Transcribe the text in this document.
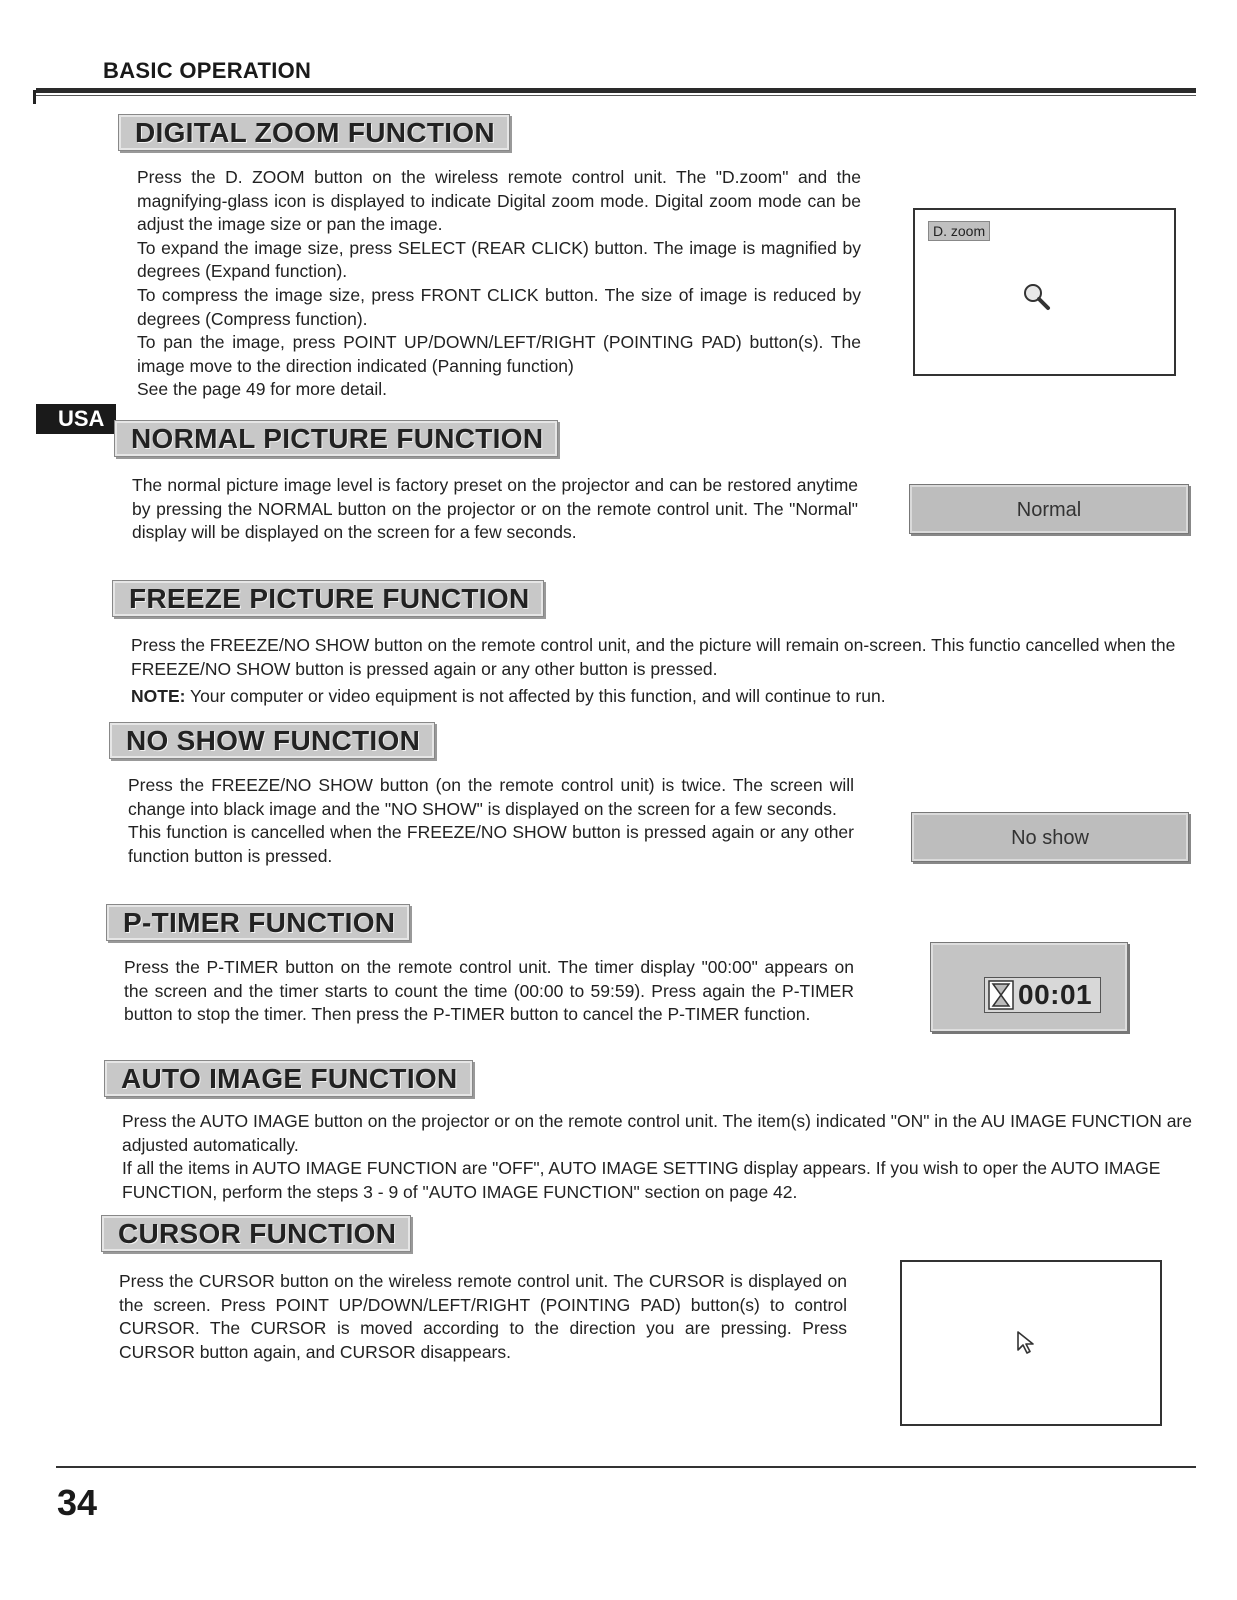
BASIC OPERATION
DIGITAL ZOOM FUNCTION

Press the D. ZOOM button on the wireless remote control unit. The "D.zoom" and the magnifying-glass icon is displayed to indicate Digital zoom mode. Digital zoom mode can be adjust the image size or pan the image.

To expand the image size, press SELECT (REAR CLICK) button. The image is magnified by degrees (Expand function).

To compress the image size, press FRONT CLICK button. The size of image is reduced by degrees (Compress function).

To pan the image, press POINT UP/DOWN/LEFT/RIGHT (POINTING PAD) button(s). The image move to the direction indicated (Panning function)

See the page 49 for more detail.

D. zoom
USA
NORMAL PICTURE FUNCTION
The normal picture image level is factory preset on the projector and can be restored anytime by pressing the NORMAL button on the projector or on the remote control unit. The "Normal" display will be displayed on the screen for a few seconds.
Normal
FREEZE PICTURE FUNCTION
Press the FREEZE/NO SHOW button on the remote control unit, and the picture will remain on-screen. This functio cancelled when the FREEZE/NO SHOW button is pressed again or any other button is pressed.
NOTE: Your computer or video equipment is not affected by this function, and will continue to run.
NO SHOW FUNCTION

Press the FREEZE/NO SHOW button (on the remote control unit) is twice. The screen will change into black image and the "NO SHOW" is displayed on the screen for a few seconds.

This function is cancelled when the FREEZE/NO SHOW button is pressed again or any other function button is pressed.

No show
P-TIMER FUNCTION
Press the P-TIMER button on the remote control unit. The timer display "00:00" appears on the screen and the timer starts to count the time (00:00 to 59:59). Press again the P-TIMER button to stop the timer. Then press the P-TIMER button to cancel the P-TIMER function.
00:01
AUTO IMAGE FUNCTION

Press the AUTO IMAGE button on the projector or on the remote control unit. The item(s) indicated "ON" in the AU IMAGE FUNCTION are adjusted automatically.

If all the items in AUTO IMAGE FUNCTION are "OFF", AUTO IMAGE SETTING display appears. If you wish to oper the AUTO IMAGE FUNCTION, perform the steps 3 - 9 of "AUTO IMAGE FUNCTION" section on page 42.

CURSOR FUNCTION
Press the CURSOR button on the wireless remote control unit. The CURSOR is displayed on the screen. Press POINT UP/DOWN/LEFT/RIGHT (POINTING PAD) button(s) to control CURSOR. The CURSOR is moved according to the direction you are pressing. Press CURSOR button again, and CURSOR disappears.
34
